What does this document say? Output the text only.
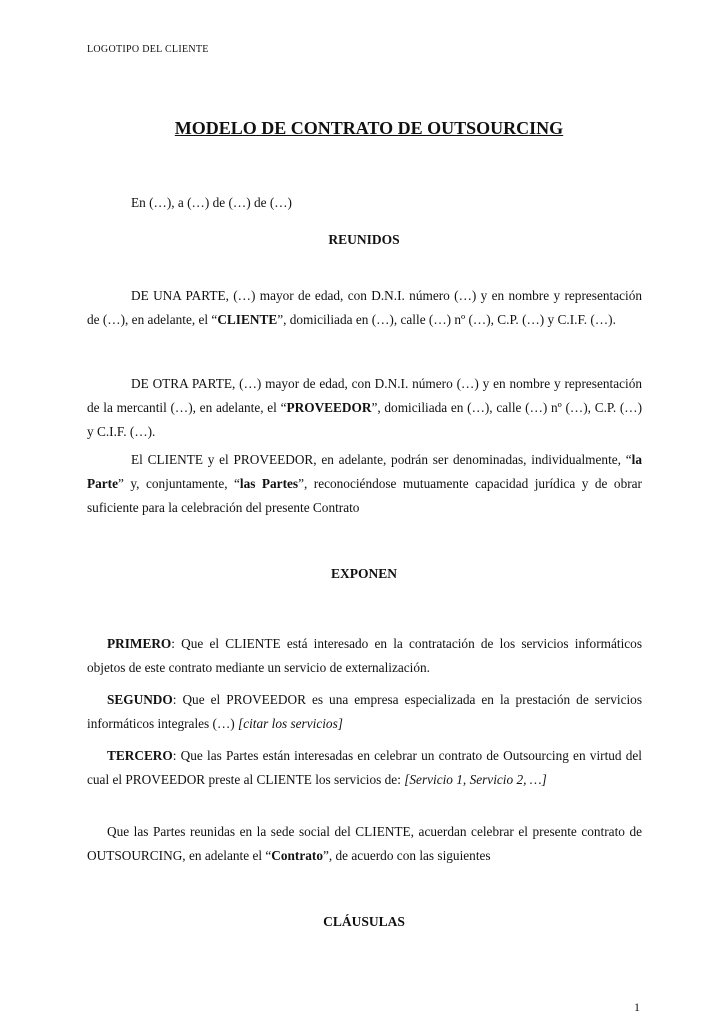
LOGOTIPO DEL CLIENTE
MODELO DE CONTRATO DE OUTSOURCING
En (…), a (…) de (…) de (…)
REUNIDOS

DE UNA PARTE, (…) mayor de edad, con D.N.I. número (…) y en nombre y representación de (…), en adelante, el “CLIENTE”, domiciliada en (…), calle (…) nº (…), C.P. (…) y C.I.F. (…).

DE OTRA PARTE, (…) mayor de edad, con D.N.I. número (…) y en nombre y representación de la mercantil (…), en adelante, el “PROVEEDOR”, domiciliada en (…), calle (…) nº (…), C.P. (…) y C.I.F. (…).

El CLIENTE y el PROVEEDOR, en adelante, podrán ser denominadas, individualmente, “la Parte” y, conjuntamente, “las Partes”, reconociéndose mutuamente capacidad jurídica y de obrar suficiente para la celebración del presente Contrato

EXPONEN

PRIMERO: Que el CLIENTE está interesado en la contratación de los servicios informáticos objetos de este contrato mediante un servicio de externalización.

SEGUNDO: Que el PROVEEDOR es una empresa especializada en la prestación de servicios informáticos integrales (…) [citar los servicios]

TERCERO: Que las Partes están interesadas en celebrar un contrato de Outsourcing en virtud del cual el PROVEEDOR preste al CLIENTE los servicios de: [Servicio 1, Servicio 2, …]

Que las Partes reunidas en la sede social del CLIENTE, acuerdan celebrar el presente contrato de OUTSOURCING, en adelante el “Contrato”, de acuerdo con las siguientes

CLÁUSULAS
1
